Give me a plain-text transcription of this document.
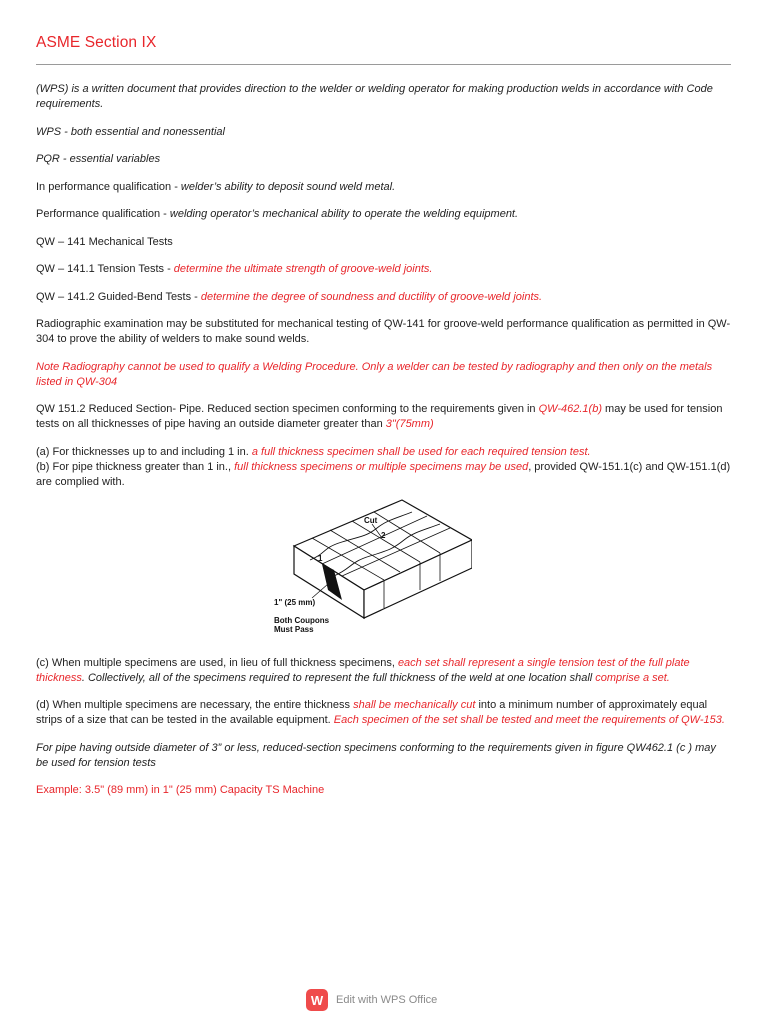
ASME Section IX

(WPS) is a written document that provides direction to the welder or welding operator for making production welds in accordance with Code requirements.

WPS - both essential and nonessential

PQR - essential variables

In performance qualification - welder’s ability to deposit sound weld metal.

Performance qualification - welding operator’s mechanical ability to operate the welding equipment.

QW – 141 Mechanical Tests

QW – 141.1 Tension Tests - determine the ultimate strength of groove-weld joints.

QW – 141.2 Guided-Bend Tests - determine the degree of soundness and ductility of groove-weld joints.

Radiographic examination may be substituted for mechanical testing of QW-141 for groove-weld performance qualification as permitted in QW-304 to prove the ability of welders to make sound welds.

Note Radiography cannot be used to qualify a Welding Procedure. Only a welder can be tested by radiography and then only on the metals listed in QW-304

QW 151.2 Reduced Section- Pipe. Reduced section specimen conforming to the requirements given in QW-462.1(b) may be used for tension tests on all thicknesses of pipe having an outside diameter greater than 3"(75mm)

(a) For thicknesses up to and including 1 in. a full thickness specimen shall be used for each required tension test.

(b) For pipe thickness greater than 1 in., full thickness specimens or multiple specimens may be used, provided QW-151.1(c) and QW-151.1(d) are complied with.

Cut
2
1
1" (25 mm)
Both Coupons
Must Pass

(c) When multiple specimens are used, in lieu of full thickness specimens, each set shall represent a single tension test of the full plate thickness. Collectively, all of the specimens required to represent the full thickness of the weld at one location shall comprise a set.

(d) When multiple specimens are necessary, the entire thickness shall be mechanically cut into a minimum number of approximately equal strips of a size that can be tested in the available equipment. Each specimen of the set shall be tested and meet the requirements of QW-153.

For pipe having outside diameter of 3” or less, reduced-section specimens conforming to the requirements given in figure QW462.1 (c ) may be used for tension tests

Example: 3.5" (89 mm) in 1" (25 mm) Capacity TS Machine

W	Edit with WPS Office
